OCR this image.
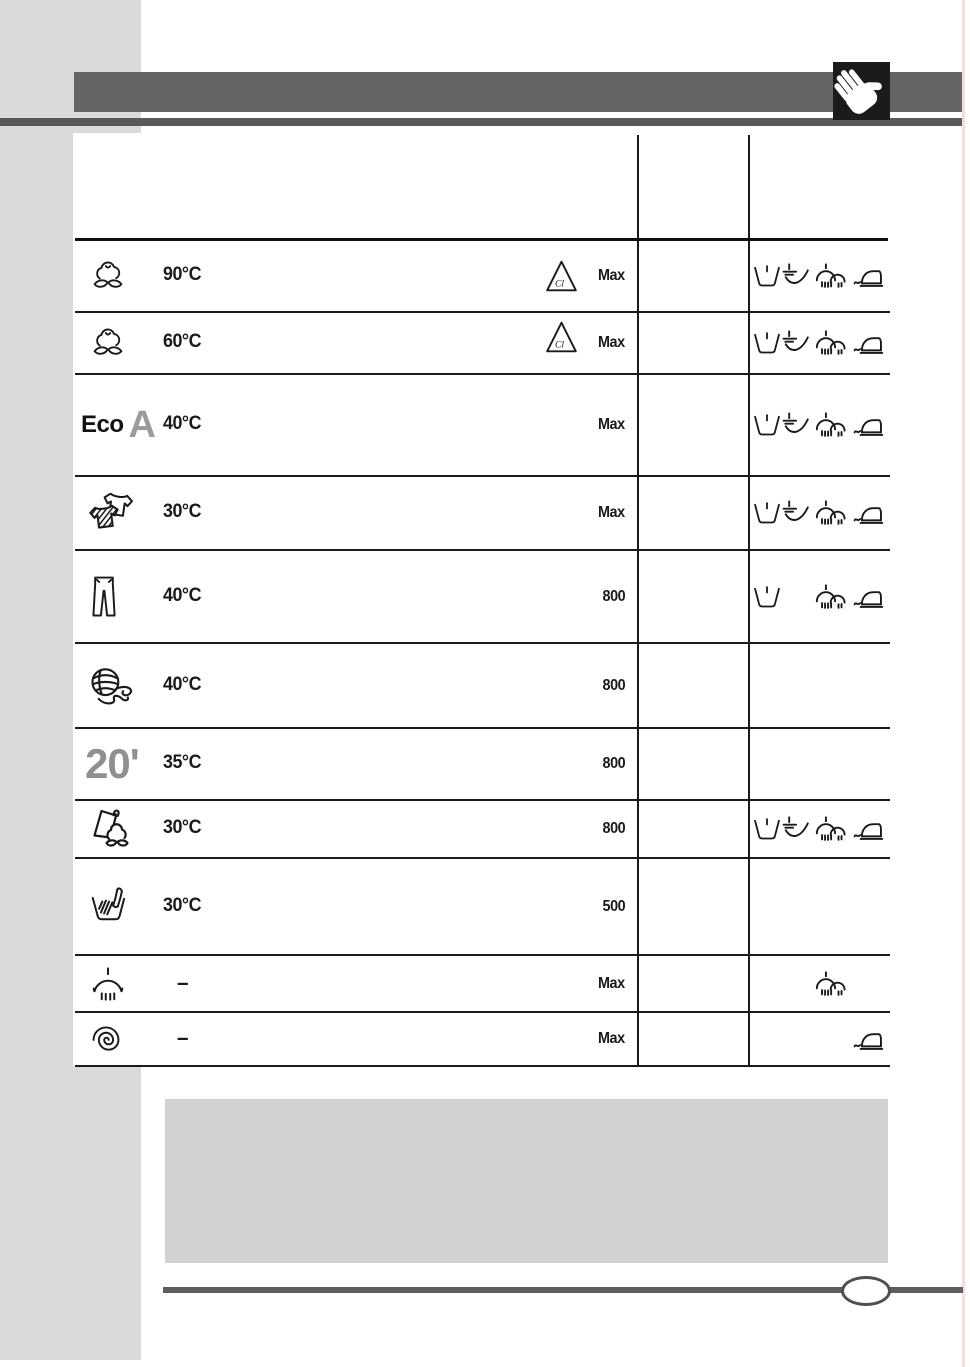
90°C	Max
60°C	Max
Eco A 40°C	Max
30°C	Max
40°C	800
40°C	800
20' 35°C	800
30°C	800
30°C	500
–	Max
–	Max
